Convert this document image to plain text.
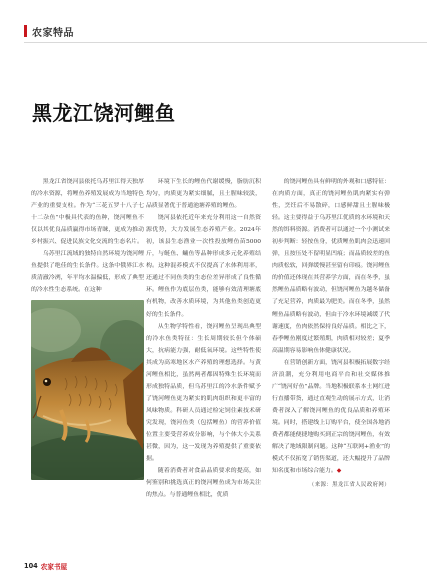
农家特品
黑龙江饶河鲤鱼

黑龙江省饶河县依托乌苏里江得天独厚的冷水资源，将鲤鱼养殖发展成为当地特色产业的重要支柱。作为“三花五罗十八子七十二杂鱼”中极具代表的鱼种，饶河鲤鱼不仅以其优良品质赢得市场青睐，更成为推动乡村振兴、促进民族文化交流的生态名片。

乌苏里江流域的独特自然环境为饶河鲤鱼提供了绝佳的生长条件。这条中俄界江水质清澈冷冽，年平均水温偏低，形成了典型的冷水性生态系统。在这种

环境下生长的鲤鱼代谢缓慢，脂肪沉积均匀，肉质更为紧实细腻，且土腥味较淡，品质显著优于普通池塘养殖的鲤鱼。

饶河县依托近年来充分利用这一自然资源优势，大力发展生态养殖产业。2024年初，该县生态渔业一次性投放鲤鱼苗5000斤，与鲢鱼、鳙鱼等品种形成多元化养殖结构。这种混养模式不仅提高了水体利用率，还通过不同鱼类的生态位差异形成了良性循环。鲤鱼作为底层鱼类，能够有效清理塘底有机物，改善水质环境，为其他鱼类创造更好的生长条件。

从生物学特性看，饶河鲤鱼呈现出典型的冷水鱼类特征：生长周期较长但个体硕大，抗病能力强，耐低氧环境。这些特性使其成为高寒地区水产养殖的理想选择。与黄河鲤鱼相比，虽然两者都因特殊生长环境而形成独特品质，但乌苏里江的冷水条件赋予了饶河鲤鱼更为紧实的肌肉组织和更丰富的风味物质。科研人员通过检定饲住素技术研究发现，饶河鱼类（包括鲤鱼）的营养价值位置主要受营养成分影响，与个体大小关系甚微，因为，这一发现为养殖提供了重要依据。

随着消费者对食品品质要求的提高，如何鉴别和挑选真正的饶河鲤鱼成为市场关注的焦点。与普通鲤鱼相比，优质

的饶河鲤鱼具有鲜明的外观和口感特征：在肉质方面，真正的饶河鲤鱼肌肉紧实有弹性，烹饪后不易散碎，口感鲜甜且土腥味极轻。这主要得益于乌苏里江优质的水环境和天然的饵料资源。消费者可以通过一个小测试来初步判断：轻按鱼身，优质鲤鱼肌肉会迅速回弹，且按压处不留明显凹痕；而品质较差的鱼肉质松软，回弹缓慢甚至留有印痕。饶河鲤鱼的价值还体现在其营养学方面，而在冬季，虽然鲤鱼品质略有波动，但饶河鲤鱼为越冬储备了充足营养，肉质最为肥美。而在冬季，虽然鲤鱼品质略有波动，但由于冷水环境减缓了代谢速度，鱼肉依然保持良好品质。相比之下，春季鲤鱼刚度过繁殖期，肉质相对较差；夏季高温期容易影响鱼体健康状况。

在营销创新方面，饶河县积极拓展数字经济浪潮，充分利用电商平台和社交媒体推广“饶河好鱼”品牌。当地积极联系本土网红进行直播带货，通过直观生动的展示方式，让消费者深入了解饶河鲤鱼的优良品质和养殖环境。同时，搭建线上订购平台，使全国各地消费者都能便捷地购买到正宗的饶河鲤鱼，有效解决了地域限制问题。这种“互联网+渔业”的模式不仅拓宽了销售渠道，还大幅提升了品牌知名度和市场综合能力。◆

（来源：黑龙江省人民政府网）
104 农家书屋
